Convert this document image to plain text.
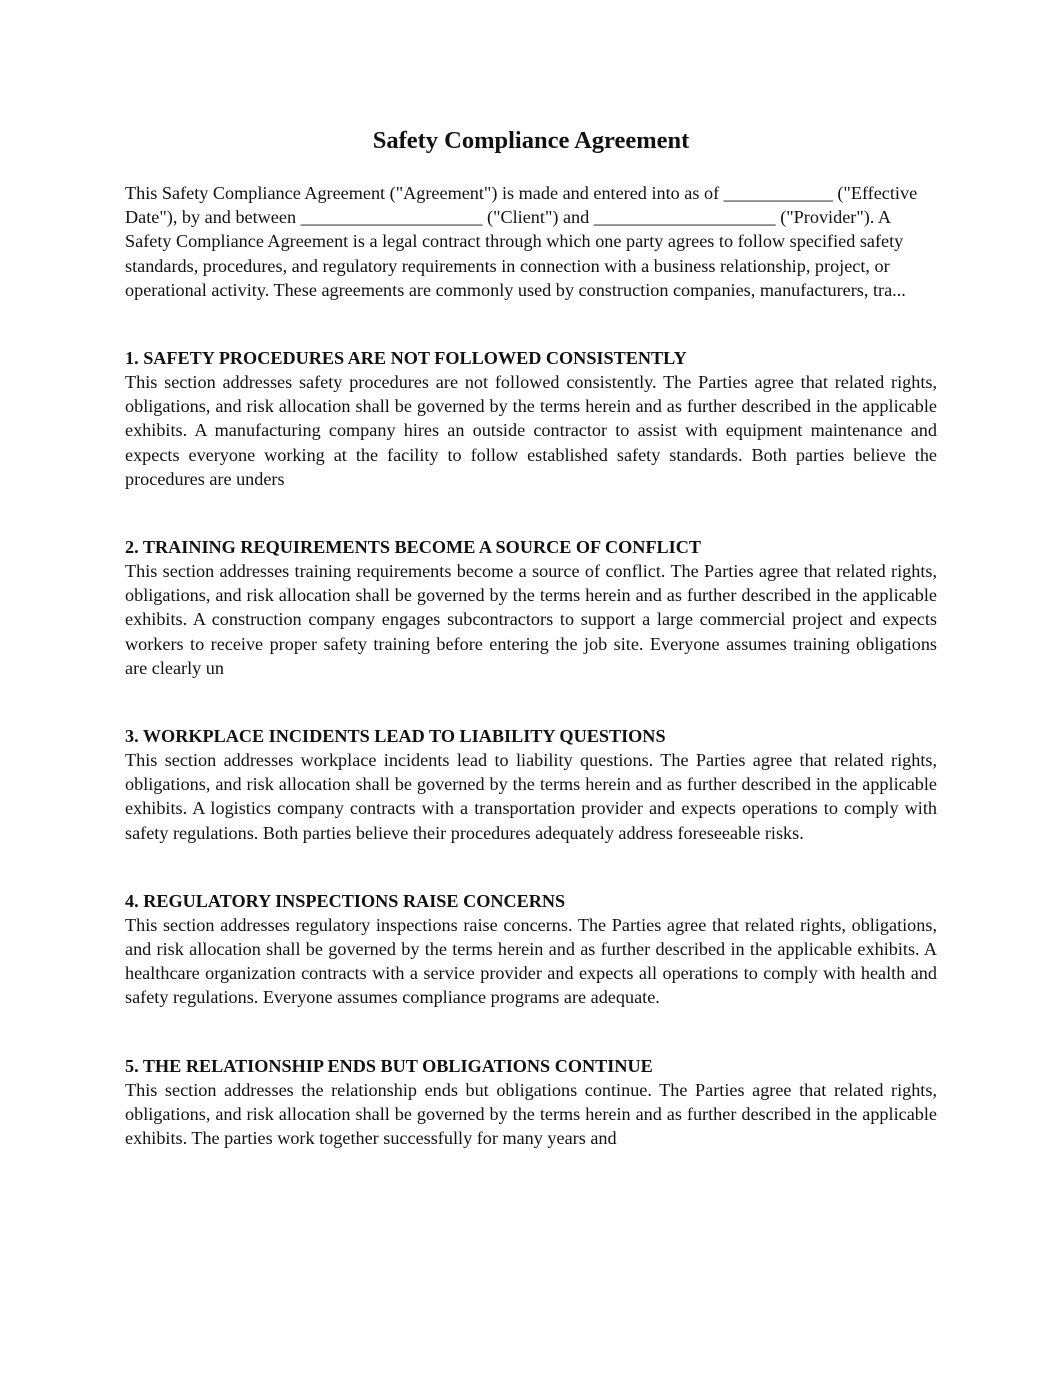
Safety Compliance Agreement

This Safety Compliance Agreement ("Agreement") is made and entered into as of ____________ ("Effective Date"), by and between ____________________ ("Client") and ____________________ ("Provider"). A Safety Compliance Agreement is a legal contract through which one party agrees to follow specified safety standards, procedures, and regulatory requirements in connection with a business relationship, project, or operational activity. These agreements are commonly used by construction companies, manufacturers, tra...

1. SAFETY PROCEDURES ARE NOT FOLLOWED CONSISTENTLY

This section addresses safety procedures are not followed consistently. The Parties agree that related rights, obligations, and risk allocation shall be governed by the terms herein and as further described in the applicable exhibits. A manufacturing company hires an outside contractor to assist with equipment maintenance and expects everyone working at the facility to follow established safety standards. Both parties believe the procedures are unders

2. TRAINING REQUIREMENTS BECOME A SOURCE OF CONFLICT

This section addresses training requirements become a source of conflict. The Parties agree that related rights, obligations, and risk allocation shall be governed by the terms herein and as further described in the applicable exhibits. A construction company engages subcontractors to support a large commercial project and expects workers to receive proper safety training before entering the job site. Everyone assumes training obligations are clearly un

3. WORKPLACE INCIDENTS LEAD TO LIABILITY QUESTIONS

This section addresses workplace incidents lead to liability questions. The Parties agree that related rights, obligations, and risk allocation shall be governed by the terms herein and as further described in the applicable exhibits. A logistics company contracts with a transportation provider and expects operations to comply with safety regulations. Both parties believe their procedures adequately address foreseeable risks.

4. REGULATORY INSPECTIONS RAISE CONCERNS

This section addresses regulatory inspections raise concerns. The Parties agree that related rights, obligations, and risk allocation shall be governed by the terms herein and as further described in the applicable exhibits. A healthcare organization contracts with a service provider and expects all operations to comply with health and safety regulations. Everyone assumes compliance programs are adequate.

5. THE RELATIONSHIP ENDS BUT OBLIGATIONS CONTINUE

This section addresses the relationship ends but obligations continue. The Parties agree that related rights, obligations, and risk allocation shall be governed by the terms herein and as further described in the applicable exhibits. The parties work together successfully for many years and
